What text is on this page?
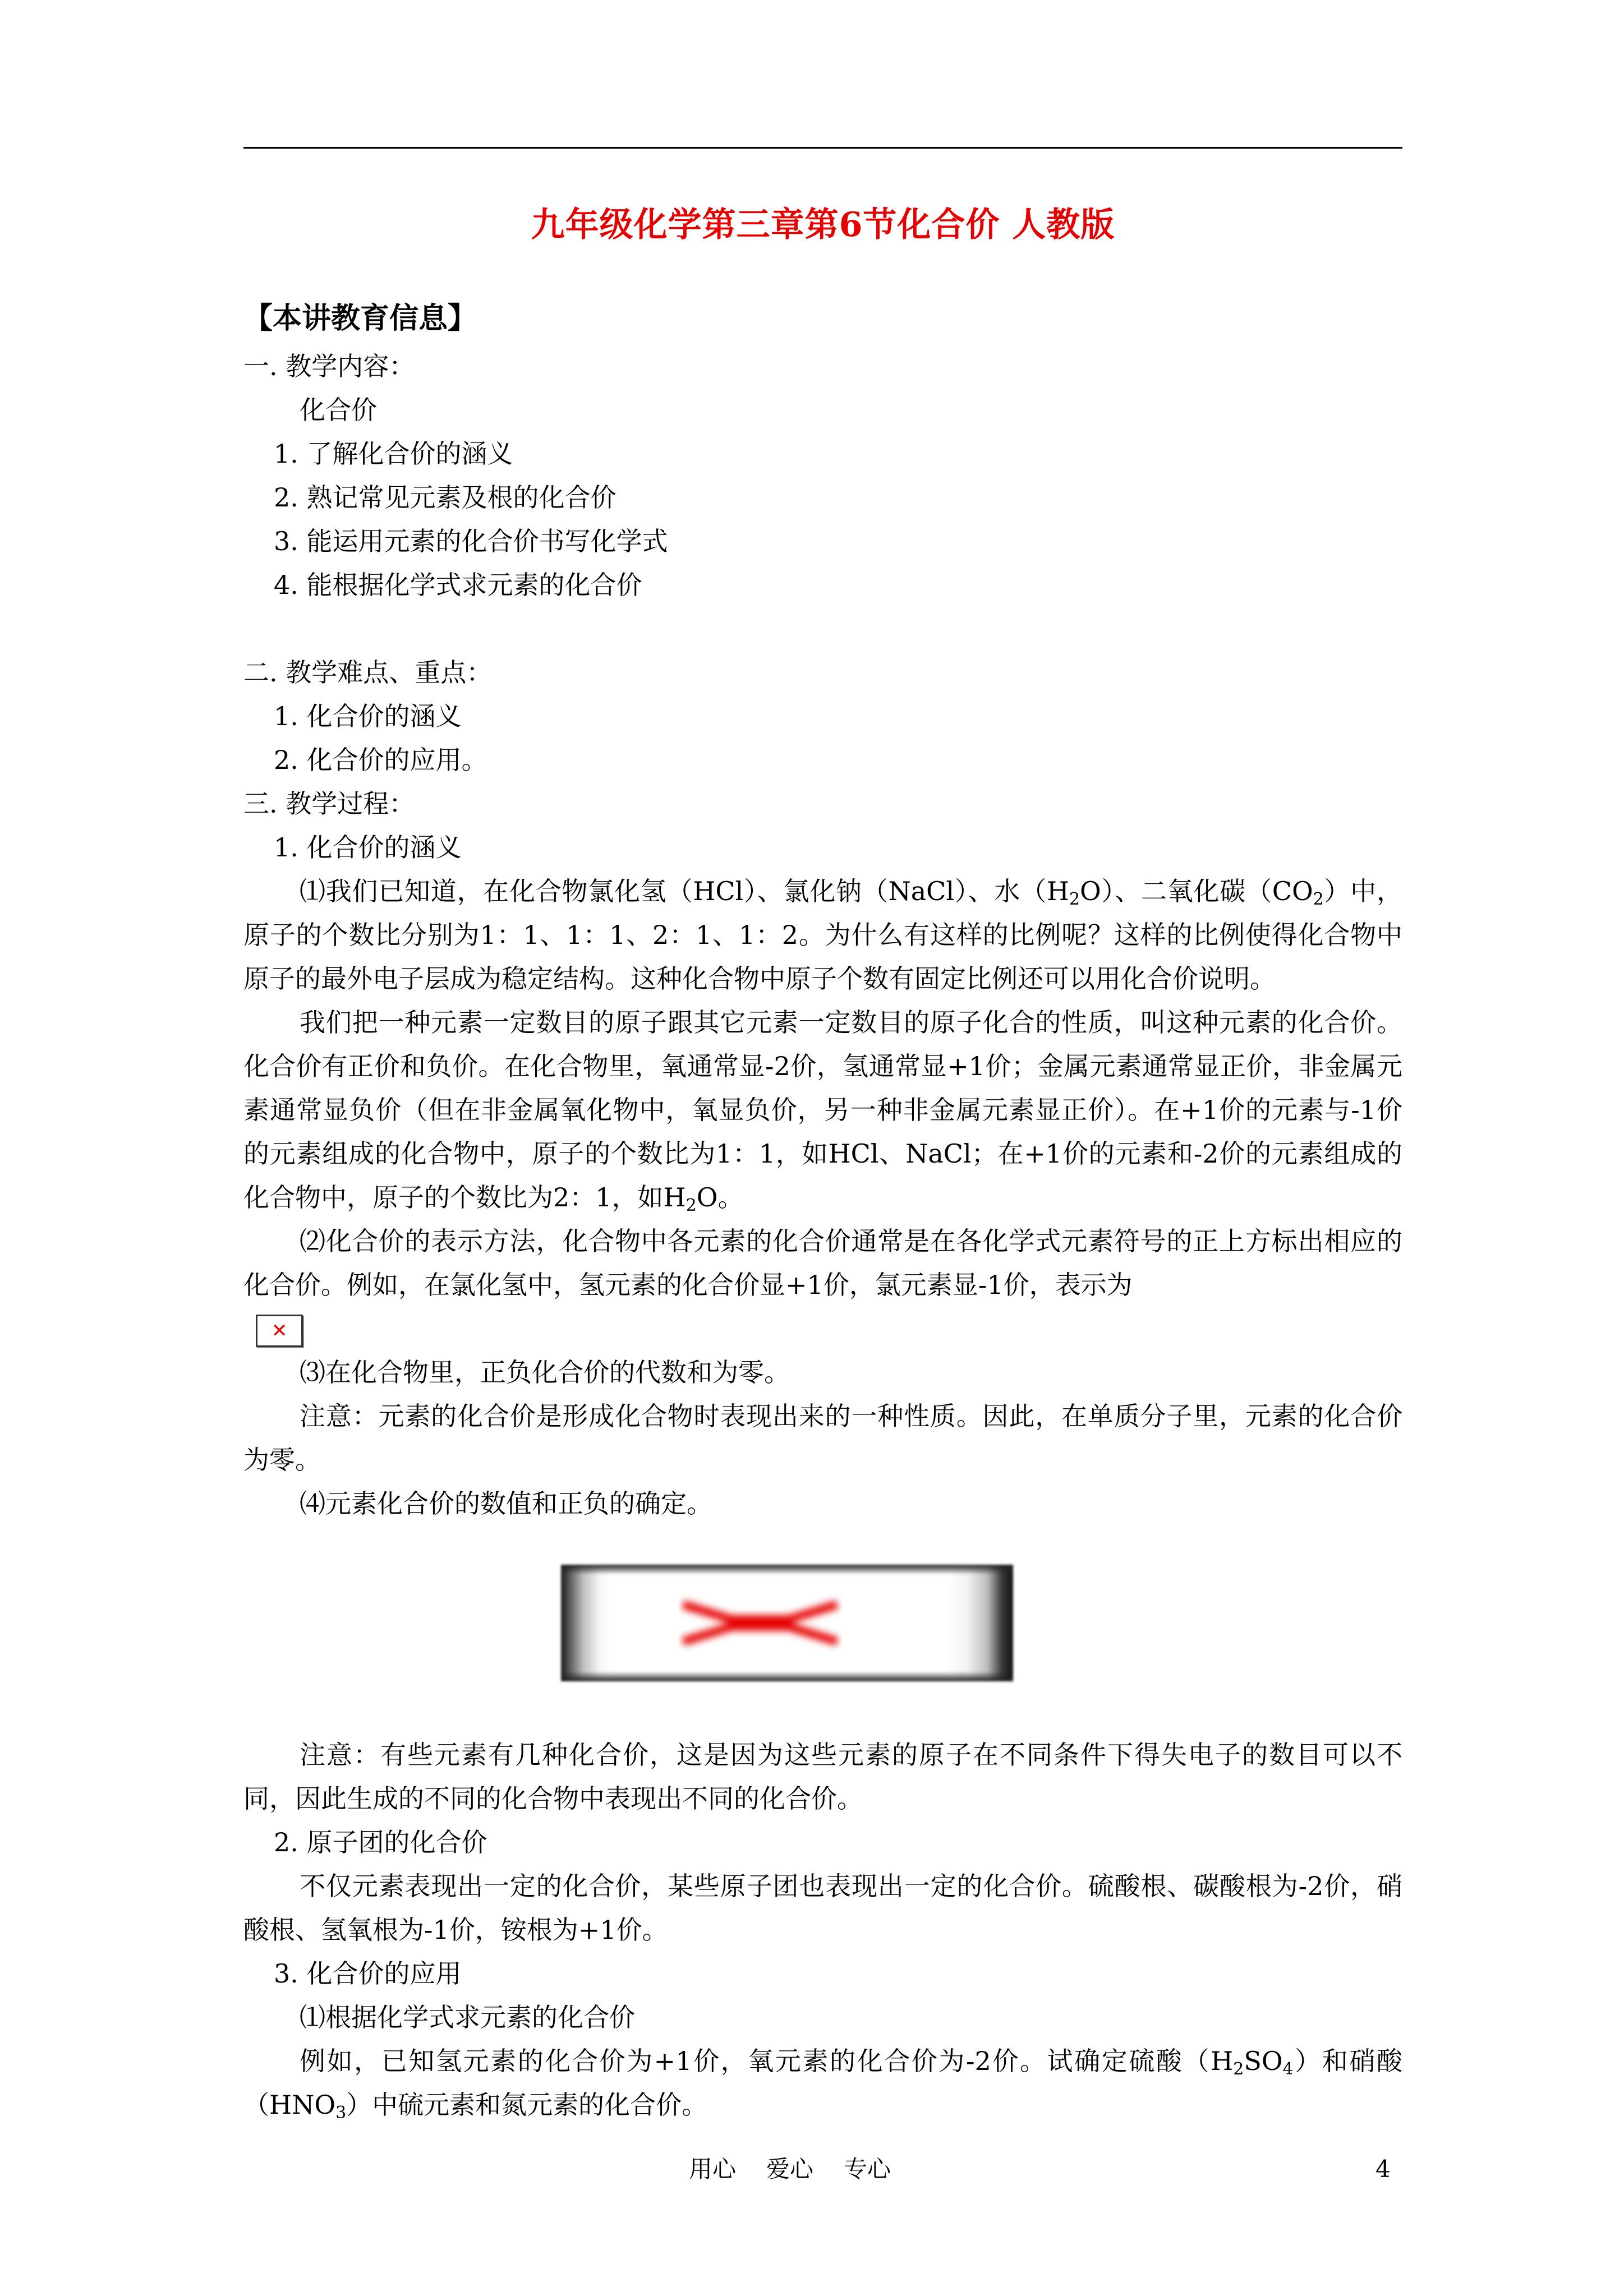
九年级化学第三章第6节化合价 人教版

【本讲教育信息】

一. 教学内容：

化合价

1. 了解化合价的涵义

2. 熟记常见元素及根的化合价

3. 能运用元素的化合价书写化学式

4. 能根据化学式求元素的化合价

二. 教学难点、重点：

1. 化合价的涵义

2. 化合价的应用。

三. 教学过程：

1. 化合价的涵义

⑴我们已知道，在化合物氯化氢（HCl）、氯化钠（NaCl）、水$(H_2O)$、二氧化碳$(CO_2)$中，原子的个数比分别为1：1、1：1、2：1、1：2。为什么有这样的比例呢？这样的比例使得化合物中原子的最外电子层成为稳定结构。这种化合物中原子个数有固定比例还可以用化合价说明。

我们把一种元素一定数目的原子跟其它元素一定数目的原子化合的性质，叫这种元素的化合价。化合价有正价和负价。在化合物里，氧通常显-2价，氢通常显+1价；金属元素通常显正价，非金属元素通常显负价（但在非金属氧化物中，氧显负价，另一种非金属元素显正价）。在+1价的元素与-1价的元素组成的化合物中，原子的个数比为1：1，如HCl、NaCl；在+1价的元素和-2价的元素组成的化合物中，原子的个数比为2：1，如$H_2O$。

⑵化合价的表示方法，化合物中各元素的化合价通常是在各化学式元素符号的正上方标出相应的化合价。例如，在氯化氢中，氢元素的化合价显+1价，氯元素显-1价，表示为

✕

⑶在化合物里，正负化合价的代数和为零。

注意：元素的化合价是形成化合物时表现出来的一种性质。因此，在单质分子里，元素的化合价为零。

⑷元素化合价的数值和正负的确定。

注意：有些元素有几种化合价，这是因为这些元素的原子在不同条件下得失电子的数目可以不同，因此生成的不同的化合物中表现出不同的化合价。

2. 原子团的化合价

不仅元素表现出一定的化合价，某些原子团也表现出一定的化合价。硫酸根、碳酸根为-2价，硝酸根、氢氧根为-1价，铵根为+1价。

3. 化合价的应用

⑴根据化学式求元素的化合价

例如，已知氢元素的化合价为+1价，氧元素的化合价为-2价。试确定硫酸$(H_2SO_4)$和硝酸$(HNO_3)$中硫元素和氮元素的化合价。

用心 爱心 专心	4
